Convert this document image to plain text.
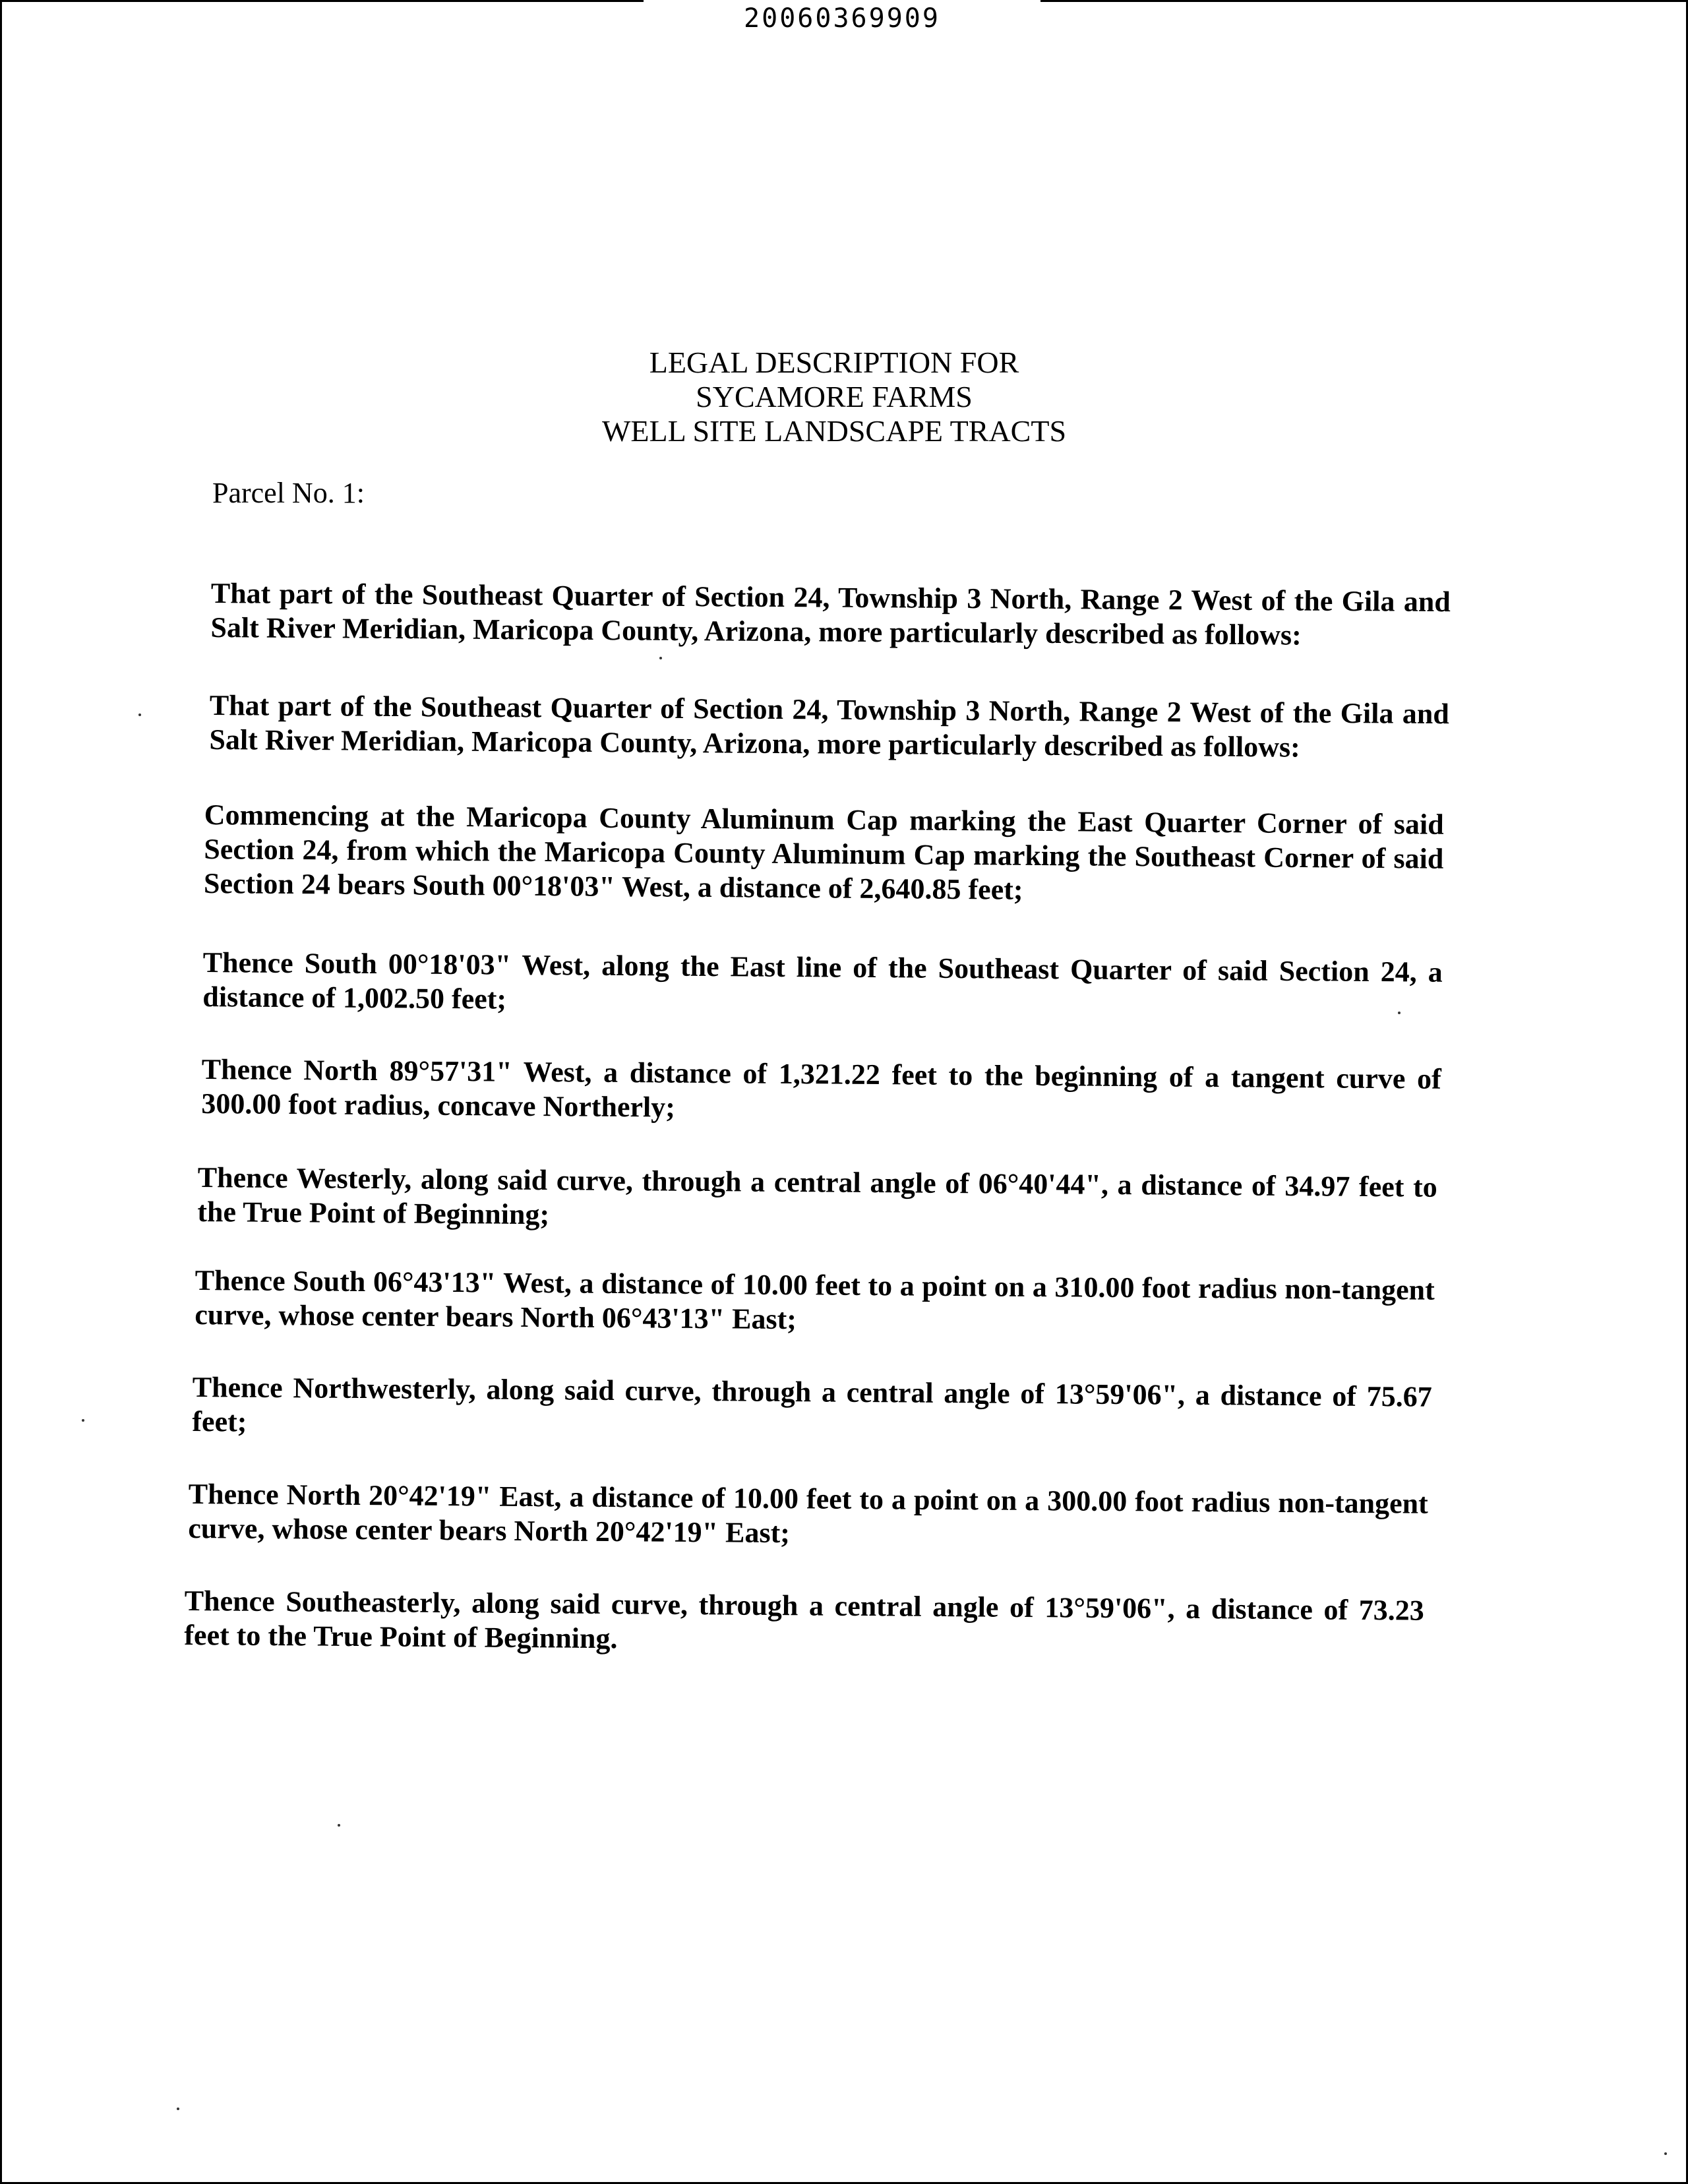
20060369909
LEGAL DESCRIPTION FOR
SYCAMORE FARMS
WELL SITE LANDSCAPE TRACTS
Parcel No. 1:

That part of the Southeast Quarter of Section 24, Township 3 North, Range 2 West of the Gila and Salt River Meridian, Maricopa County, Arizona, more particularly described as follows:

That part of the Southeast Quarter of Section 24, Township 3 North, Range 2 West of the Gila and Salt River Meridian, Maricopa County, Arizona, more particularly described as follows:

Commencing at the Maricopa County Aluminum Cap marking the East Quarter Corner of said Section 24, from which the Maricopa County Aluminum Cap marking the Southeast Corner of said Section 24 bears South 00°18'03" West, a distance of 2,640.85 feet;

Thence South 00°18'03" West, along the East line of the Southeast Quarter of said Section 24, a distance of 1,002.50 feet;

Thence North 89°57'31" West, a distance of 1,321.22 feet to the beginning of a tangent curve of 300.00 foot radius, concave Northerly;

Thence Westerly, along said curve, through a central angle of 06°40'44", a distance of 34.97 feet to the True Point of Beginning;

Thence South 06°43'13" West, a distance of 10.00 feet to a point on a 310.00 foot radius non-tangent curve, whose center bears North 06°43'13" East;

Thence Northwesterly, along said curve, through a central angle of 13°59'06", a distance of 75.67 feet;

Thence North 20°42'19" East, a distance of 10.00 feet to a point on a 300.00 foot radius non-tangent curve, whose center bears North 20°42'19" East;

Thence Southeasterly, along said curve, through a central angle of 13°59'06", a distance of 73.23 feet to the True Point of Beginning.
